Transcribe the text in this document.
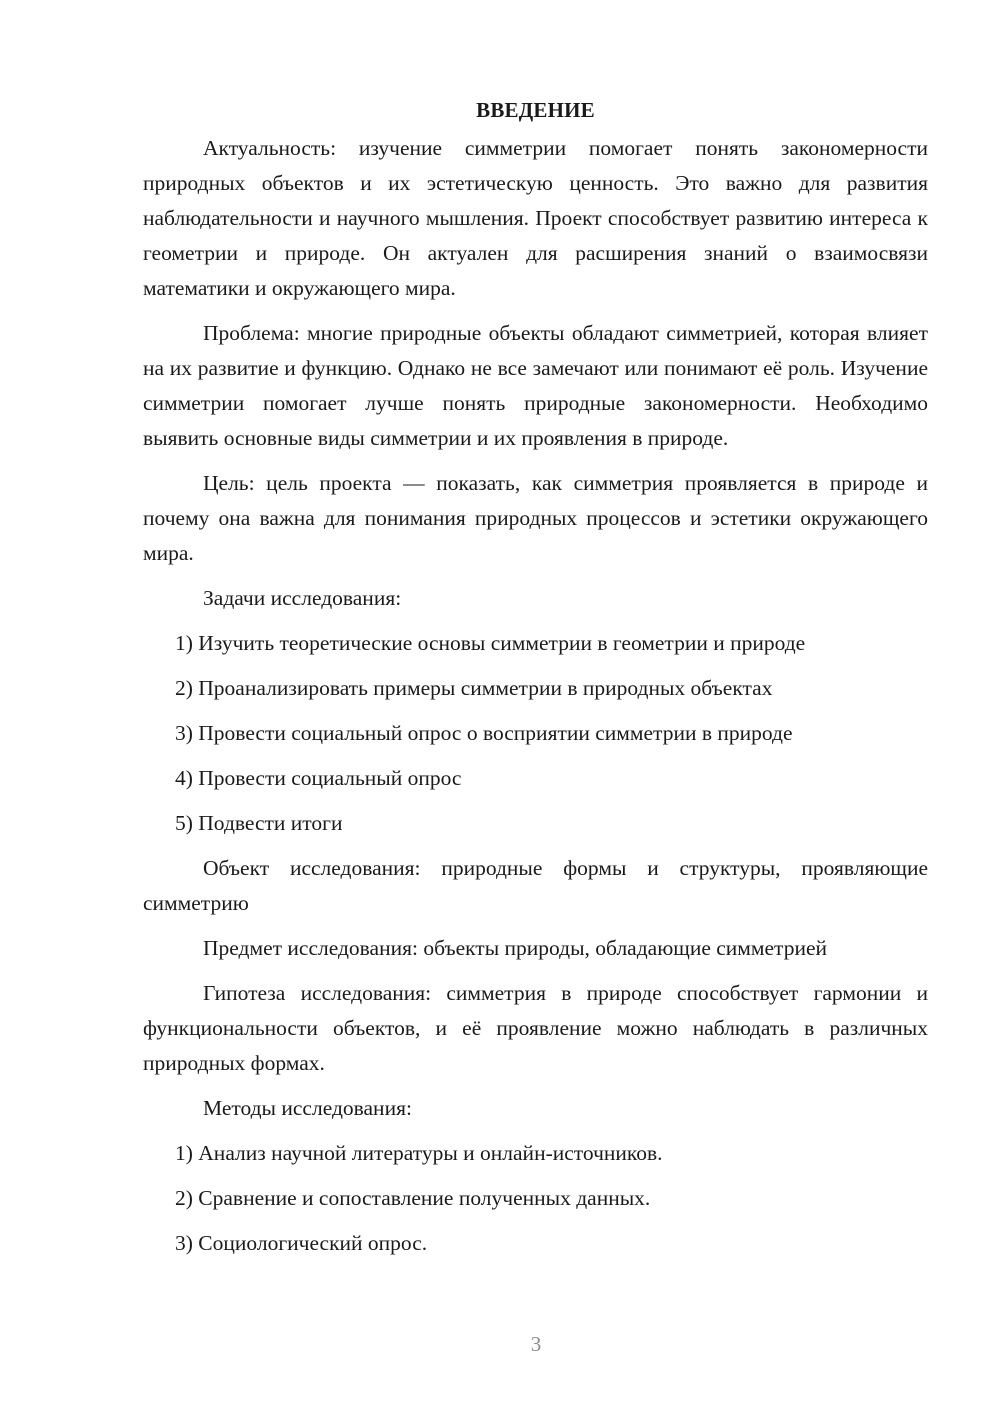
ВВЕДЕНИЕ

Актуальность: изучение симметрии помогает понять закономерности природных объектов и их эстетическую ценность. Это важно для развития наблюдательности и научного мышления. Проект способствует развитию интереса к геометрии и природе. Он актуален для расширения знаний о взаимосвязи математики и окружающего мира.

Проблема: многие природные объекты обладают симметрией, которая влияет на их развитие и функцию. Однако не все замечают или понимают её роль. Изучение симметрии помогает лучше понять природные закономерности. Необходимо выявить основные виды симметрии и их проявления в природе.

Цель: цель проекта — показать, как симметрия проявляется в природе и почему она важна для понимания природных процессов и эстетики окружающего мира.

Задачи исследования:
1) Изучить теоретические основы симметрии в геометрии и природе
2) Проанализировать примеры симметрии в природных объектах
3) Провести социальный опрос о восприятии симметрии в природе
4) Провести социальный опрос
5) Подвести итоги

Объект исследования: природные формы и структуры, проявляющие симметрию

Предмет исследования: объекты природы, обладающие симметрией

Гипотеза исследования: симметрия в природе способствует гармонии и функциональности объектов, и её проявление можно наблюдать в различных природных формах.

Методы исследования:
1) Анализ научной литературы и онлайн-источников.
2) Сравнение и сопоставление полученных данных.
3) Социологический опрос.
3
